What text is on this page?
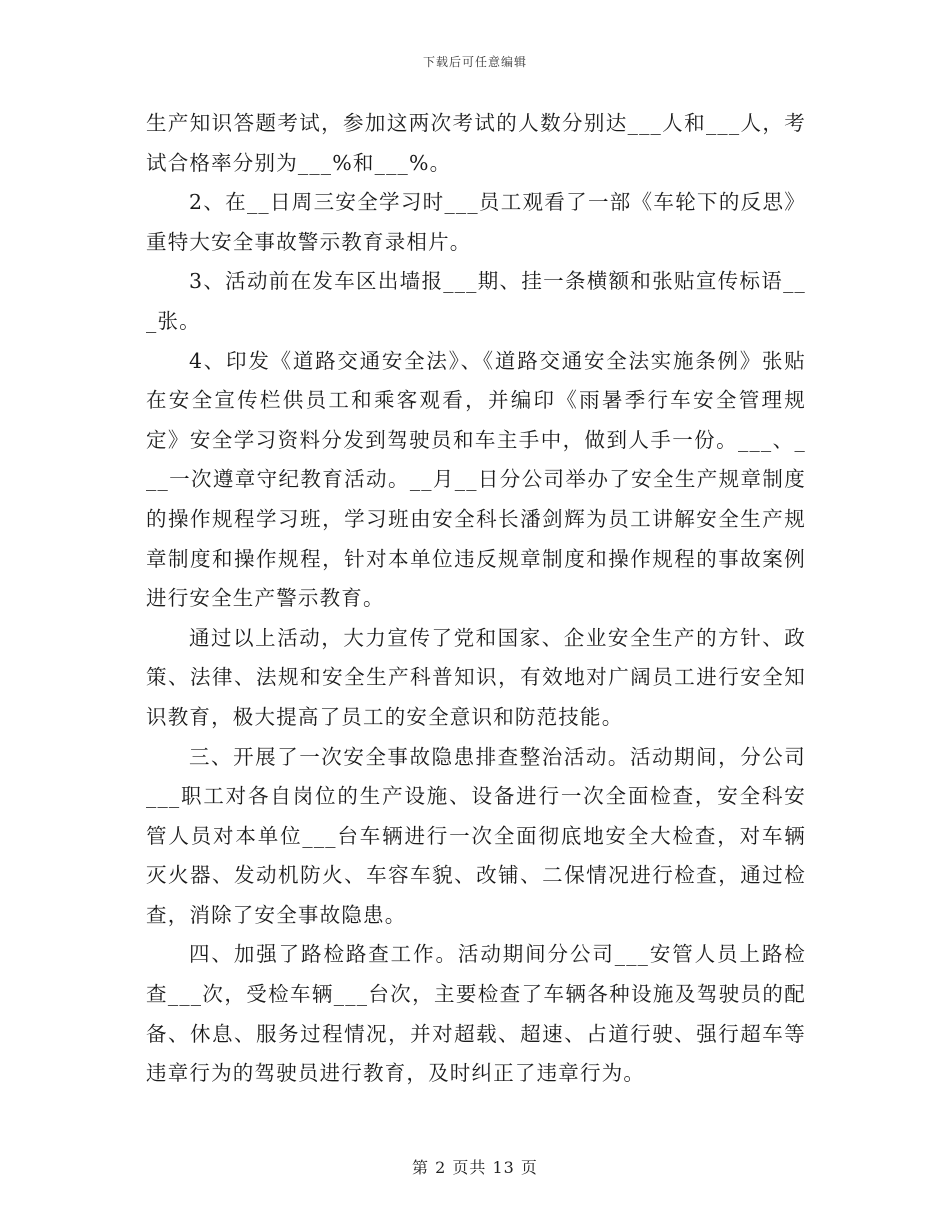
下载后可任意编辑

生产知识答题考试，参加这两次考试的人数分别达___人和___人，考试合格率分别为___%和___%。

2、在__日周三安全学习时___员工观看了一部《车轮下的反思》重特大安全事故警示教育录相片。

3、活动前在发车区出墙报___期、挂一条横额和张贴宣传标语___张。

4、印发《道路交通安全法》、《道路交通安全法实施条例》张贴在安全宣传栏供员工和乘客观看，并编印《雨暑季行车安全管理规定》安全学习资料分发到驾驶员和车主手中，做到人手一份。___、___一次遵章守纪教育活动。__月__日分公司举办了安全生产规章制度的操作规程学习班，学习班由安全科长潘剑辉为员工讲解安全生产规章制度和操作规程，针对本单位违反规章制度和操作规程的事故案例进行安全生产警示教育。

通过以上活动，大力宣传了党和国家、企业安全生产的方针、政策、法律、法规和安全生产科普知识，有效地对广阔员工进行安全知识教育，极大提高了员工的安全意识和防范技能。

三、开展了一次安全事故隐患排查整治活动。活动期间，分公司___职工对各自岗位的生产设施、设备进行一次全面检查，安全科安管人员对本单位___台车辆进行一次全面彻底地安全大检查，对车辆灭火器、发动机防火、车容车貌、改铺、二保情况进行检查，通过检查，消除了安全事故隐患。

四、加强了路检路查工作。活动期间分公司___安管人员上路检查___次，受检车辆___台次，主要检查了车辆各种设施及驾驶员的配备、休息、服务过程情况，并对超载、超速、占道行驶、强行超车等违章行为的驾驶员进行教育，及时纠正了违章行为。

第 2 页共 13 页
